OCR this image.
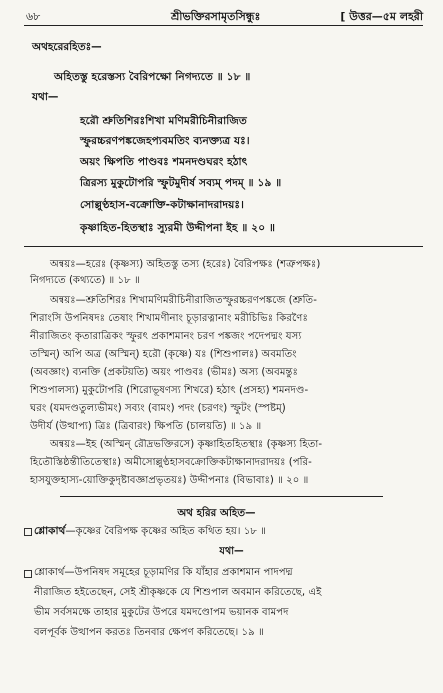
৬৮	শ্রীভক্তিরসামৃতসিন্ধুঃ	[ উত্তর—৫ম লহরী
অথহরেরহিতঃ—
অহিতস্তু হরেস্তস্য বৈরিপক্ষো নিগদ্যতে ॥ ১৮ ॥
যথা—
হরৌ শ্রুতিশিরঃশিখা মণিমরীচিনীরাজিত
স্ফুরচ্চরণপঙ্কজেহপ্যবমতিং ব্যনক্ত্যত্র যঃ।
অয়ং ক্ষিপতি পাণ্ডবঃ শমনদণ্ডঘরং হঠাৎ
ত্রিরস্য মুকুটোপরি স্ফুটমুদীর্ষ সব্যম্ পদম্ ॥ ১৯ ॥
সোল্লুণ্ঠহাস-বক্রোক্তি-কটাক্ষানাদরাদয়ঃ।
কৃষ্ণাহিত-হিতস্থাঃ স্যুরমী উদ্দীপনা ইহ ॥ ২০ ॥
অন্বয়ঃ—হরেঃ (কৃষ্ণস্য) অহিতস্তু তস্য (হরেঃ) বৈরিপক্ষঃ (শত্রুপক্ষঃ)
নিগদ্যতে (কথ্যতে) ॥ ১৮ ॥
অন্বয়ঃ—শ্রুতিশিরঃ শিখামণিমরীচিনীরাজিতস্ফুরচ্চরণপঙ্কজে (শ্রুতি-
শিরাংসি উপনিষদঃ তেষাং শিখামণীনাং চূড়ারত্নানাং মরীচিভিঃ কিরণৈঃ
নীরাজিতং কৃতারাত্রিকং স্ফুরৎ প্রকাশমানং চরণ পঙ্কজং পদেপদ্মং যস্য
তস্মিন্) অপি অত্র (অস্মিন্) হরৌ (কৃষ্ণে) যঃ (শিশুপালঃ) অবমতিং
(অবজ্ঞাং) ব্যনক্তি (প্রকটয়তি) অয়ং পাণ্ডবঃ (ভীমঃ) অস্য (অবমন্তুঃ
শিশুপালস্য) মুকুটোপরি (শিরোভূষণস্য শিখরে) হঠাৎ (প্রসহ্য) শমনদণ্ড-
ঘরং (যমদণ্ডতুল্যভীমং) সব্যং (বামং) পদং (চরণং) স্ফুটং (স্পষ্টম্)
উদীর্য (উত্থাপ্য) ত্রিঃ (ত্রিবারং) ক্ষিপতি (চালয়তি) ॥ ১৯ ॥
অন্বয়ঃ—ইহ (অস্মিন্ রৌদ্রভক্তিরসে) কৃষ্ণাহিতহিতস্থাঃ (কৃষ্ণস্য হিতা-
হিতৌস্তিষ্ঠন্তীতিতেস্থাঃ) অমীসোল্লুণ্ঠহাসবক্রোক্তিকটাক্ষানাদরাদয়ঃ (পরি-
হাসযুক্তহাস্য-য়োক্তিকুদৃষ্টাবজ্ঞাপ্রভৃতয়ঃ) উদ্দীপনাঃ (বিভাবাঃ) ॥ ২০ ॥
অথ হরির অহিত—
শ্লোকার্থ—কৃষ্ণের বৈরিপক্ষ কৃষ্ণের অহিত কথিত হয়। ১৮ ॥
যথা—
শ্লোকার্থ—উপনিষদ সমূহের চূড়ামণির কি যাঁহার প্রকাশমান পাদপদ্ম
নীরাজিত হইতেছেন, সেই শ্রীকৃষ্ণকে যে শিশুপাল অবমান করিতেছে, এই
ভীম সর্বসমক্ষে তাহার মুকুটের উপরে যমদণ্ডোপম ভয়ানক বামপদ
বলপূর্বক উত্থাপন করতঃ তিনবার ক্ষেপণ করিতেছে। ১৯ ॥
